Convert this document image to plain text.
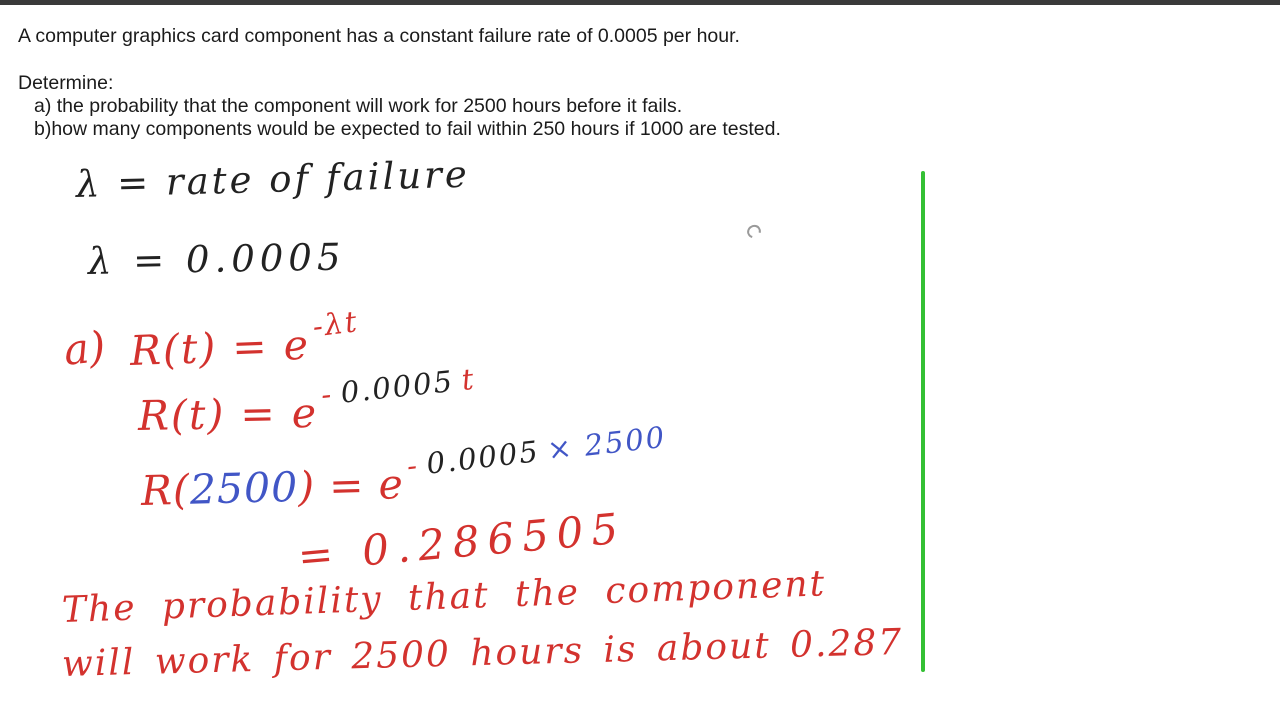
A computer graphics card component has a constant failure rate of 0.0005 per hour.
Determine:
a) the probability that the component will work for 2500 hours before it fails.
b)how many components would be expected to fail within 250 hours if 1000 are tested.
λ = rate of failure
λ = 0.0005
a) R(t) = e-λt
R(t) = e- 0.0005 t
R(2500) = e- 0.0005 × 2500
= 0.286505
The probability that the component
will work for 2500 hours is about 0.287
